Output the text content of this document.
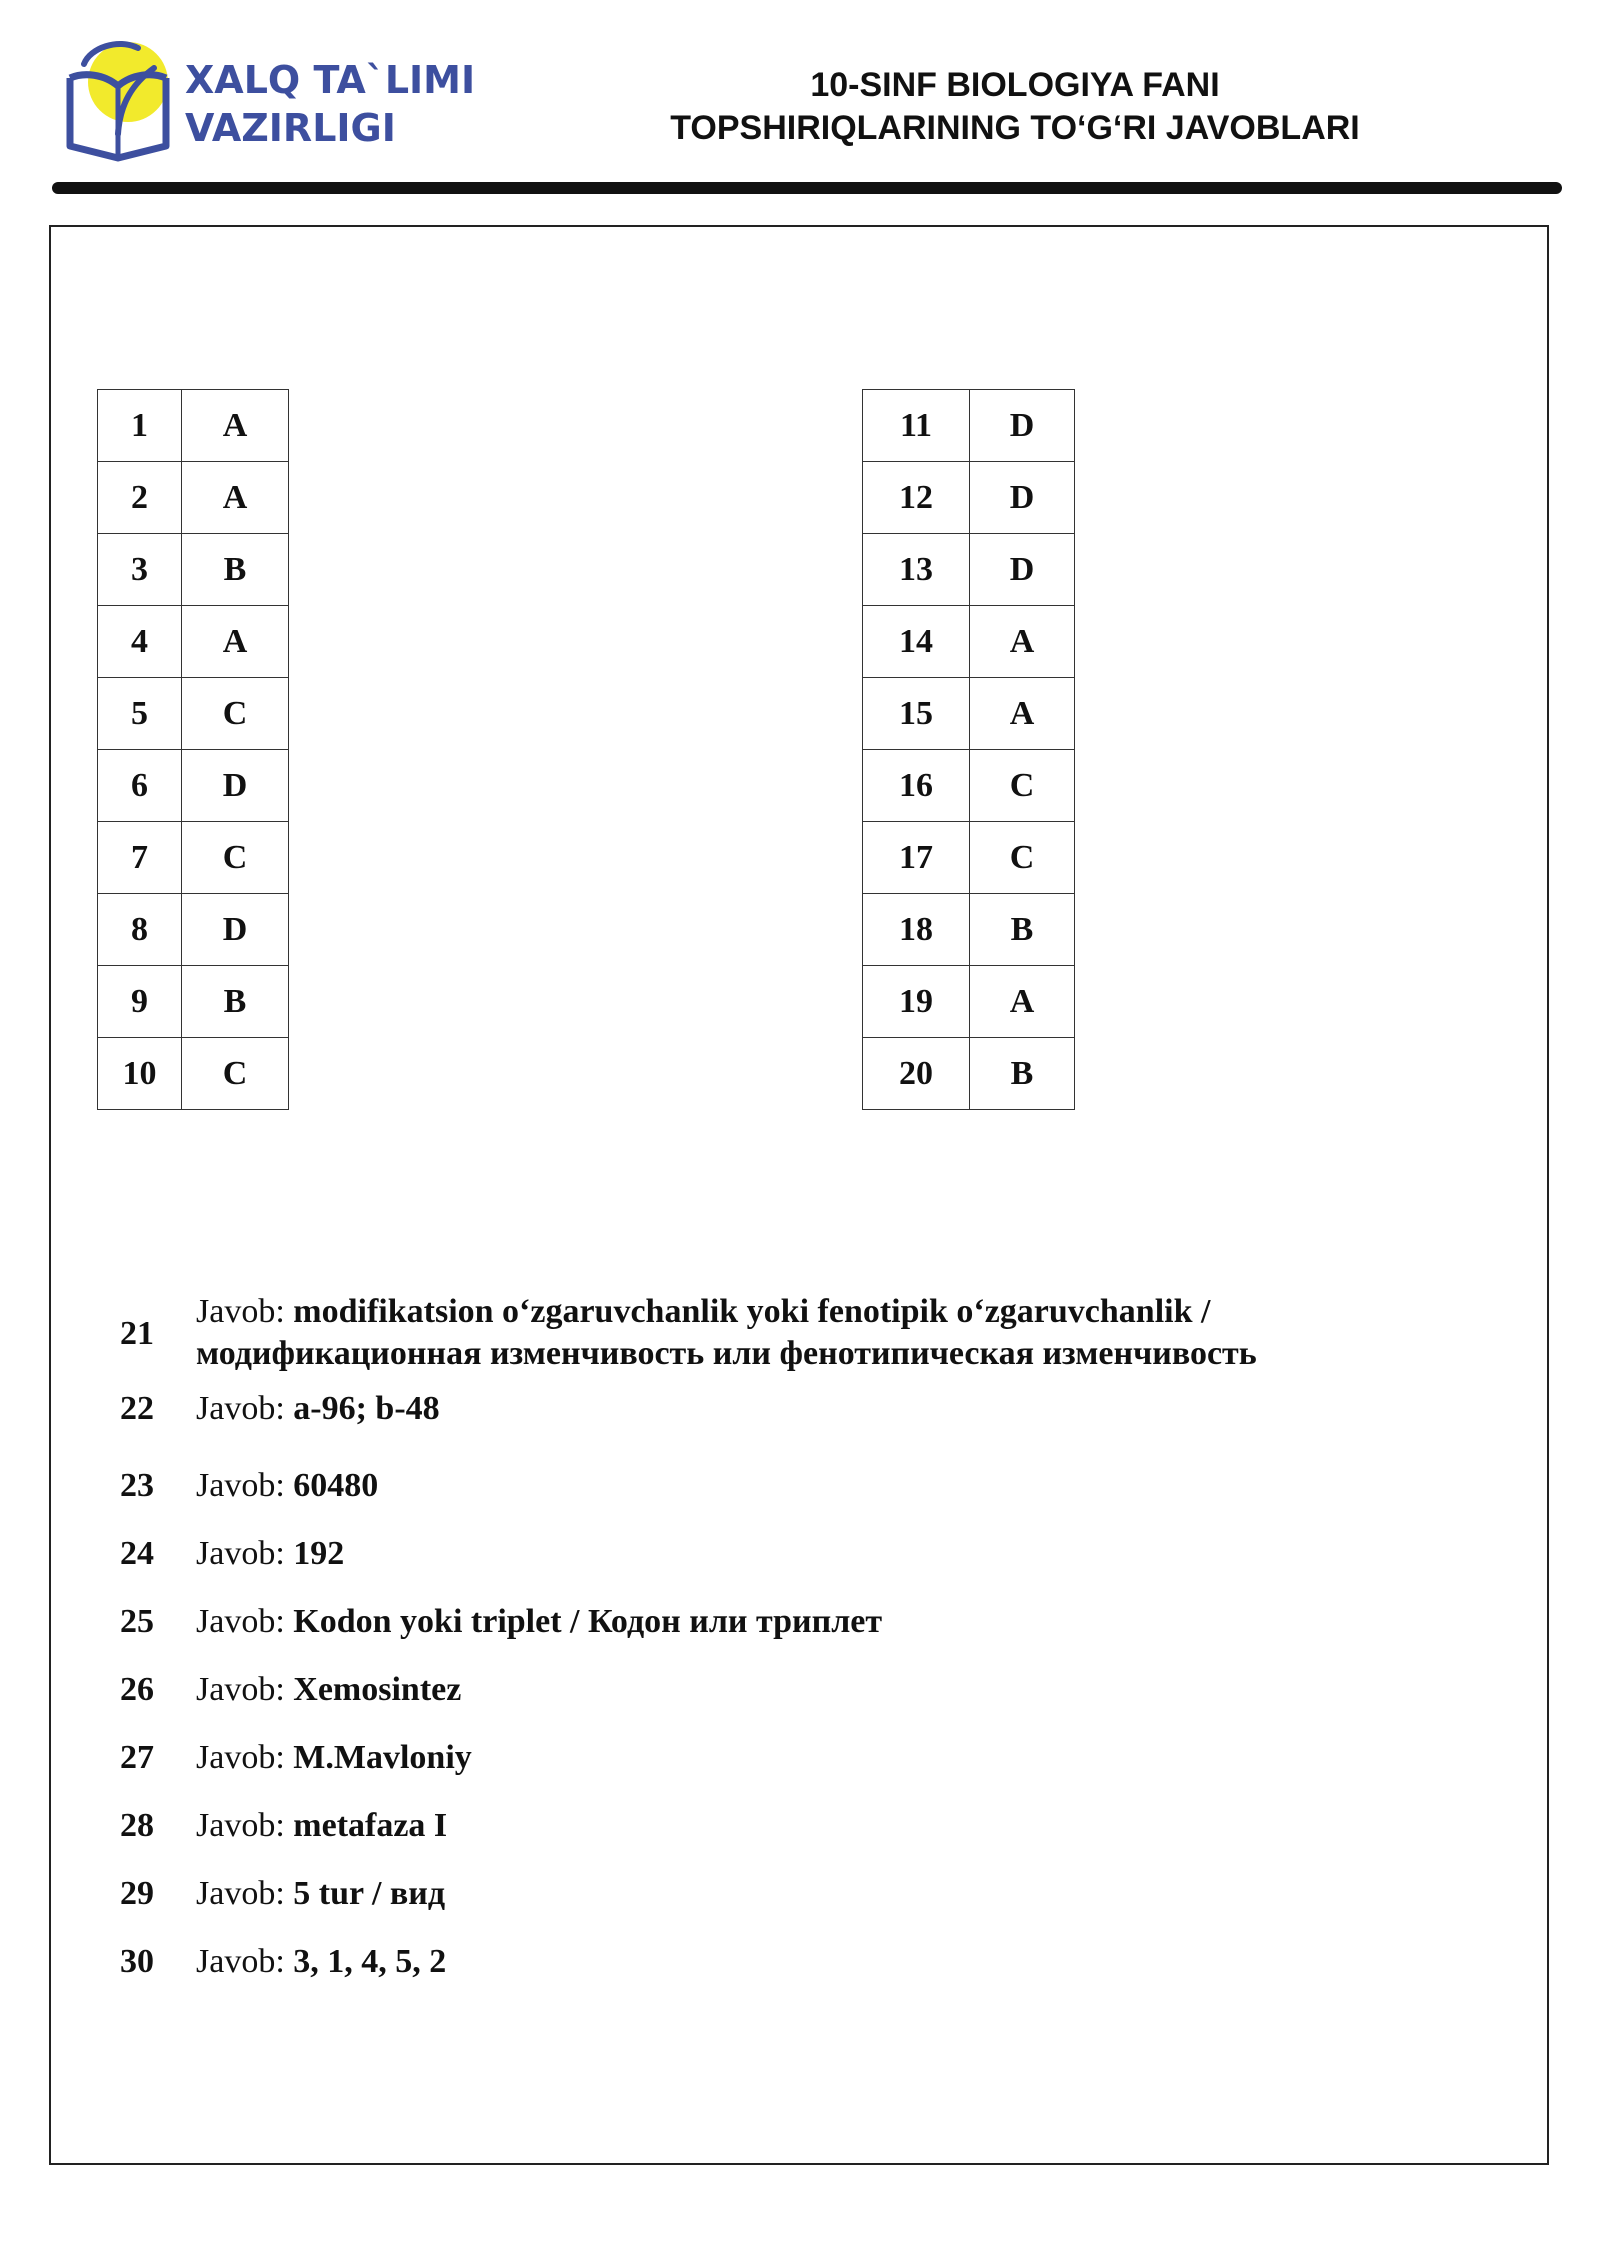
XALQ TA`LIMI
VAZIRLIGI
10-SINF BIOLOGIYA FANI
TOPSHIRIQLARINING TO‘G‘RI JAVOBLARI
1	A
2	A
3	B
4	A
5	C
6	D
7	C
8	D
9	B
10	C
11	D
12	D
13	D
14	A
15	A
16	C
17	C
18	B
19	A
20	B
21
Javob: modifikatsion o‘zgaruvchanlik yoki fenotipik o‘zgaruvchanlik /
модификационная изменчивость или фенотипическая изменчивость
22 Javob: a-96; b-48
23 Javob: 60480
24 Javob: 192
25 Javob: Kodon yoki triplet / Кодон или триплет
26 Javob: Xemosintez
27 Javob: M.Mavloniy
28 Javob: metafaza I
29 Javob: 5 tur / вид
30 Javob: 3, 1, 4, 5, 2
